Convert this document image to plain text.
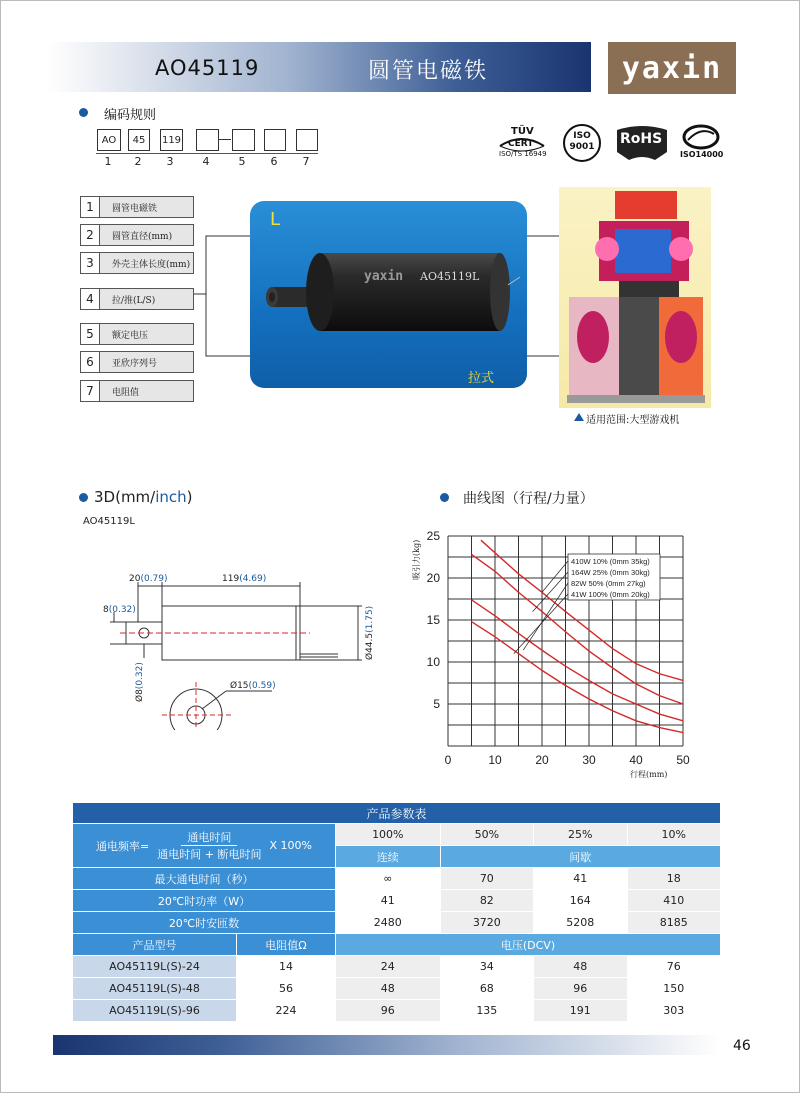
AO45119	圆管电磁铁	yaxin
编码规则
AO	45	119
1	2	3	4	5	6	7
TÜV
CERT
ISO/TS 16949
ISO
9001	RoHS
ISO14000
1	圆管电磁铁
2	圆管直径(mm)
3	外壳主体长度(mm)
4	拉/推(L/S)
5	额定电压
6	亚欣序列号
7	电阻值
L
yaxin AO45119L
拉式
适用范围:大型游戏机
3D(mm/inch)
AO45119L
20(0.79)	119(4.69)
8(0.32)
Ø44.5(1.75)
Ø8(0.32)	Ø15(0.59)
曲线图（行程/力量）
410W 10% (0mm 35kg)
164W 25% (0mm 30kg)
82W 50% (0mm 27kg)
41W 100% (0mm 20kg)
5
10
15
20
25
0	10	20	30	40	50
吸引力(kg)
行程(mm)
产品参数表					

通电频率=
通电时间
通电时间 + 断电时间
X 100%		100%	50%	25%	10%
		连续	间歇		
最大通电时间（秒）		∞	70	41	18
20℃时功率（W）		41	82	164	410
20℃时安匝数		2480	3720	5208	8185
产品型号	电阻值Ω	电压(DCV)			
AO45119L(S)-24	14	24	34	48	76
AO45119L(S)-48	56	48	68	96	150
AO45119L(S)-96	224	96	135	191	303
46
